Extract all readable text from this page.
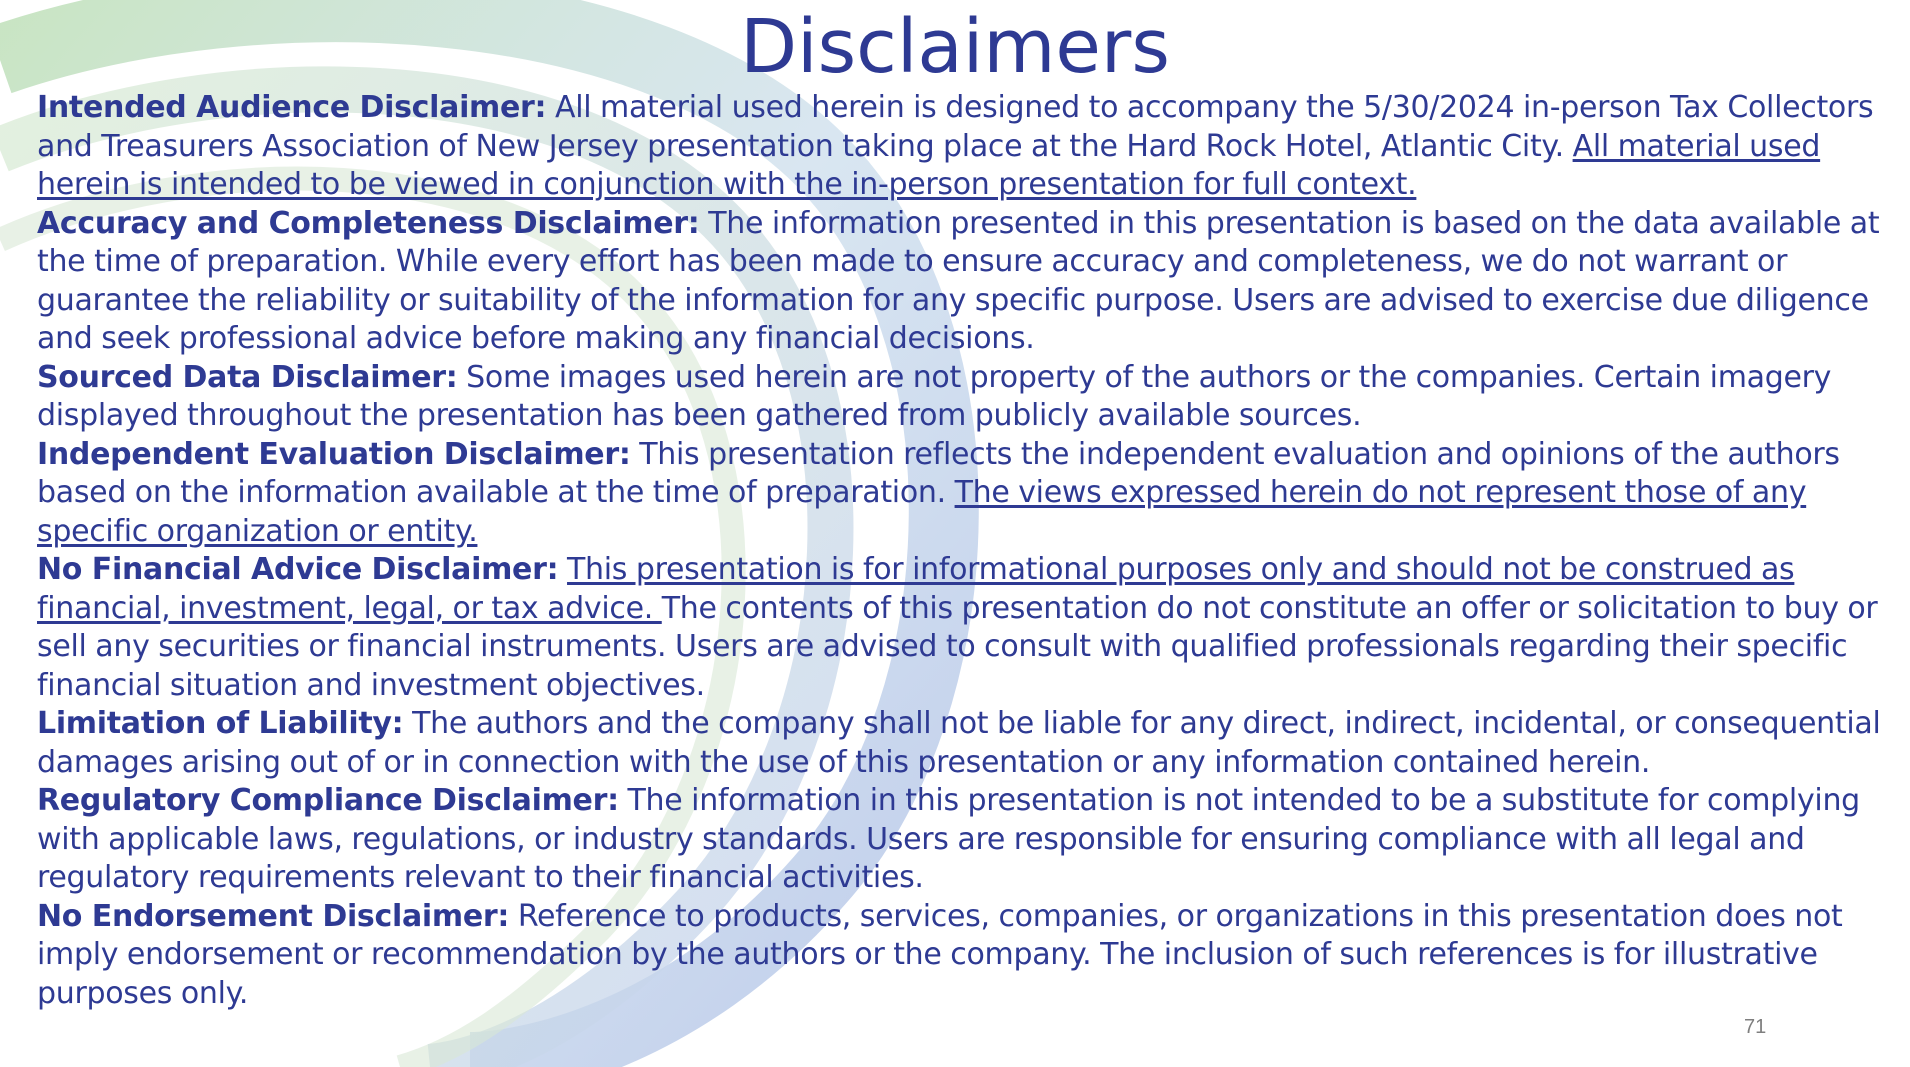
Disclaimers

Intended Audience Disclaimer: All material used herein is designed to accompany the 5/30/2024 in-person Tax Collectors and Treasurers Association of New Jersey presentation taking place at the Hard Rock Hotel, Atlantic City. All material used herein is intended to be viewed in conjunction with the in-person presentation for full context.

Accuracy and Completeness Disclaimer: The information presented in this presentation is based on the data available at the time of preparation. While every effort has been made to ensure accuracy and completeness, we do not warrant or guarantee the reliability or suitability of the information for any specific purpose. Users are advised to exercise due diligence and seek professional advice before making any financial decisions.

Sourced Data Disclaimer: Some images used herein are not property of the authors or the companies. Certain imagery displayed throughout the presentation has been gathered from publicly available sources.

Independent Evaluation Disclaimer: This presentation reflects the independent evaluation and opinions of the authors based on the information available at the time of preparation. The views expressed herein do not represent those of any specific organization or entity.

No Financial Advice Disclaimer: This presentation is for informational purposes only and should not be construed as financial, investment, legal, or tax advice. The contents of this presentation do not constitute an offer or solicitation to buy or sell any securities or financial instruments. Users are advised to consult with qualified professionals regarding their specific financial situation and investment objectives.

Limitation of Liability: The authors and the company shall not be liable for any direct, indirect, incidental, or consequential damages arising out of or in connection with the use of this presentation or any information contained herein.

Regulatory Compliance Disclaimer: The information in this presentation is not intended to be a substitute for complying with applicable laws, regulations, or industry standards. Users are responsible for ensuring compliance with all legal and regulatory requirements relevant to their financial activities.

No Endorsement Disclaimer: Reference to products, services, companies, or organizations in this presentation does not imply endorsement or recommendation by the authors or the company. The inclusion of such references is for illustrative purposes only.

71
